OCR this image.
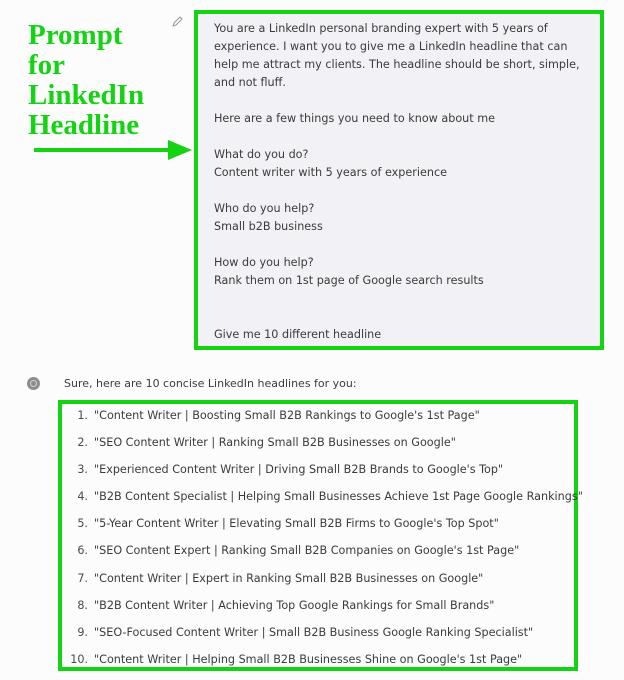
Prompt
for
LinkedIn
Headline

You are a LinkedIn personal branding expert with 5 years of experience. I want you to give me a LinkedIn headline that can help me attract my clients. The headline should be short, simple, and not fluff.

Here are a few things you need to know about me

What do you do?

Content writer with 5 years of experience

Who do you help?

Small b2B business

How do you help?

Rank them on 1st page of Google search results

Give me 10 different headline

Sure, here are 10 concise LinkedIn headlines for you:
1. "Content Writer | Boosting Small B2B Rankings to Google's 1st Page"
2. "SEO Content Writer | Ranking Small B2B Businesses on Google"
3. "Experienced Content Writer | Driving Small B2B Brands to Google's Top"
4. "B2B Content Specialist | Helping Small Businesses Achieve 1st Page Google Rankings"
5. "5-Year Content Writer | Elevating Small B2B Firms to Google's Top Spot"
6. "SEO Content Expert | Ranking Small B2B Companies on Google's 1st Page"
7. "Content Writer | Expert in Ranking Small B2B Businesses on Google"
8. "B2B Content Writer | Achieving Top Google Rankings for Small Brands"
9. "SEO-Focused Content Writer | Small B2B Business Google Ranking Specialist"
10. "Content Writer | Helping Small B2B Businesses Shine on Google's 1st Page"
